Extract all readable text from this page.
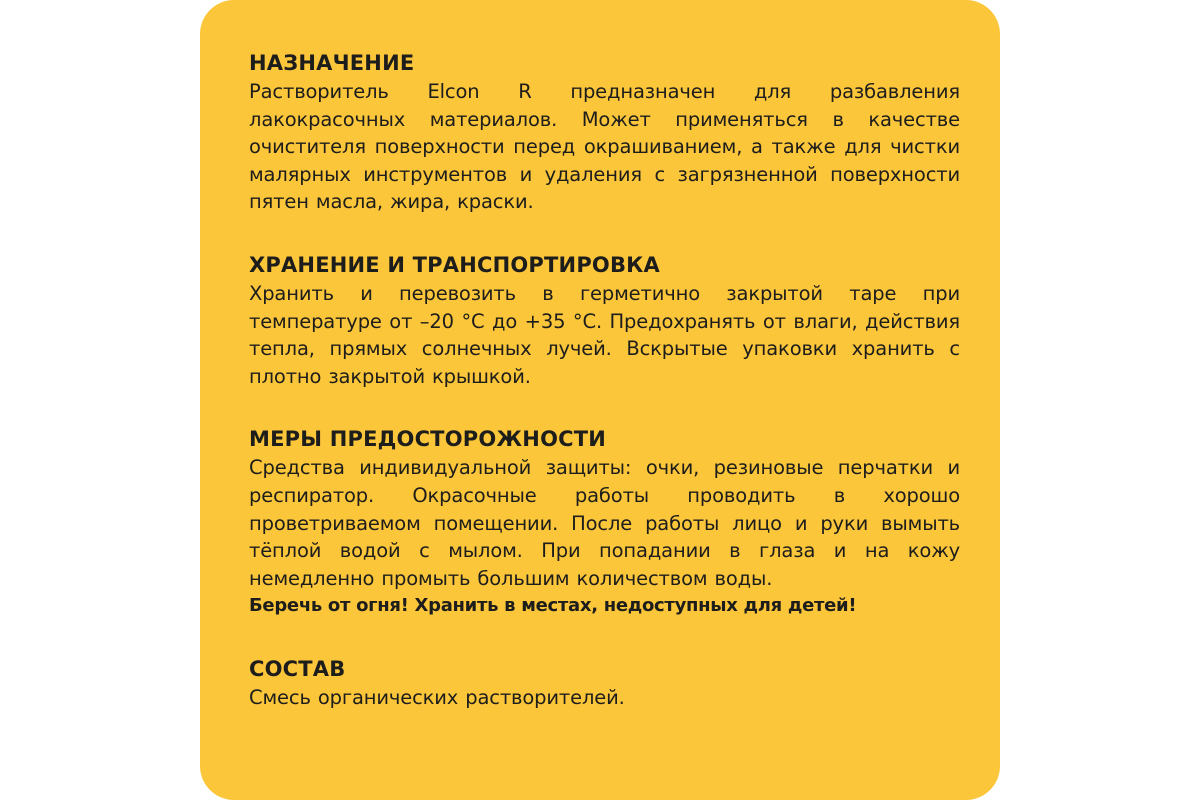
НАЗНАЧЕНИЕ

Растворитель Elcon R предназначен для разбавления лакокрасочных материалов. Может применяться в качестве очистителя поверхности перед окрашиванием, а также для чистки малярных инструментов и удаления с загрязненной поверхности пятен масла, жира, краски.

ХРАНЕНИЕ И ТРАНСПОРТИРОВКА

Хранить и перевозить в герметично закрытой таре при температуре от –20 °C до +35 °C. Предохранять от влаги, действия тепла, прямых солнечных лучей. Вскрытые упаковки хранить с плотно закрытой крышкой.

МЕРЫ ПРЕДОСТОРОЖНОСТИ

Средства индивидуальной защиты: очки, резиновые перчатки и респиратор. Окрасочные работы проводить в хорошо проветриваемом помещении. После работы лицо и руки вымыть тёплой водой с мылом. При попадании в глаза и на кожу немедленно промыть большим количеством воды.

Беречь от огня! Хранить в местах, недоступных для детей!

СОСТАВ

Смесь органических растворителей.
